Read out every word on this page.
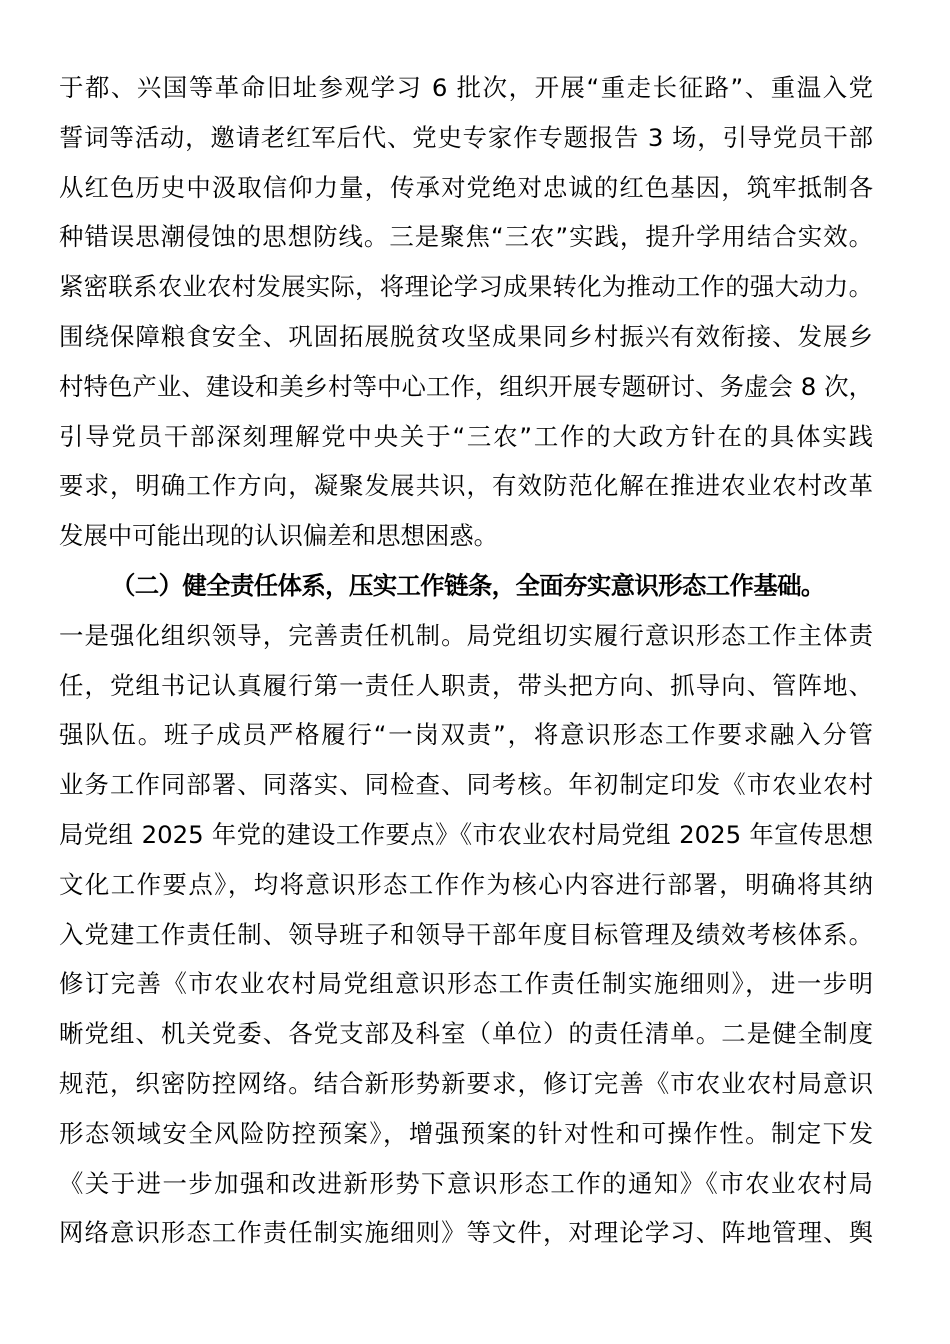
于都、兴国等革命旧址参观学习 6 批次，开展“重走长征路”、重温入党
誓词等活动，邀请老红军后代、党史专家作专题报告 3 场，引导党员干部
从红色历史中汲取信仰力量，传承对党绝对忠诚的红色基因，筑牢抵制各
种错误思潮侵蚀的思想防线。三是聚焦“三农”实践，提升学用结合实效。
紧密联系农业农村发展实际，将理论学习成果转化为推动工作的强大动力。
围绕保障粮食安全、巩固拓展脱贫攻坚成果同乡村振兴有效衔接、发展乡
村特色产业、建设和美乡村等中心工作，组织开展专题研讨、务虚会 8 次，
引导党员干部深刻理解党中央关于“三农”工作的大政方针在的具体实践
要求，明确工作方向，凝聚发展共识，有效防范化解在推进农业农村改革
发展中可能出现的认识偏差和思想困惑。
（二）健全责任体系，压实工作链条，全面夯实意识形态工作基础。
一是强化组织领导，完善责任机制。局党组切实履行意识形态工作主体责
任，党组书记认真履行第一责任人职责，带头把方向、抓导向、管阵地、
强队伍。班子成员严格履行“一岗双责”，将意识形态工作要求融入分管
业务工作同部署、同落实、同检查、同考核。年初制定印发《市农业农村
局党组 2025 年党的建设工作要点》《市农业农村局党组 2025 年宣传思想
文化工作要点》，均将意识形态工作作为核心内容进行部署，明确将其纳
入党建工作责任制、领导班子和领导干部年度目标管理及绩效考核体系。
修订完善《市农业农村局党组意识形态工作责任制实施细则》，进一步明
晰党组、机关党委、各党支部及科室（单位）的责任清单。二是健全制度
规范，织密防控网络。结合新形势新要求，修订完善《市农业农村局意识
形态领域安全风险防控预案》，增强预案的针对性和可操作性。制定下发
《关于进一步加强和改进新形势下意识形态工作的通知》《市农业农村局
网络意识形态工作责任制实施细则》等文件，对理论学习、阵地管理、舆
